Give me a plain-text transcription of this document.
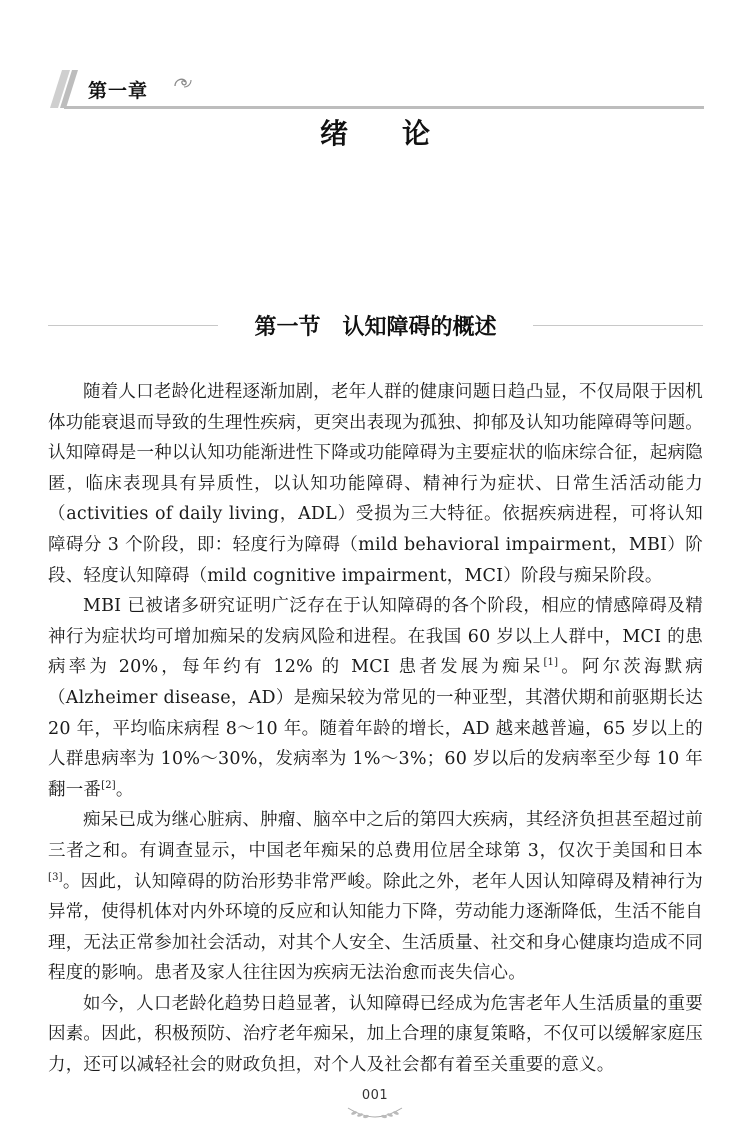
第一章
绪 论
第一节 认知障碍的概述

随着人口老龄化进程逐渐加剧，老年人群的健康问题日趋凸显，不仅局限于因机体功能衰退而导致的生理性疾病，更突出表现为孤独、抑郁及认知功能障碍等问题。认知障碍是一种以认知功能渐进性下降或功能障碍为主要症状的临床综合征，起病隐匿，临床表现具有异质性，以认知功能障碍、精神行为症状、日常生活活动能力（activities of daily living，ADL）受损为三大特征。依据疾病进程，可将认知障碍分 3 个阶段，即：轻度行为障碍（mild behavioral impairment，MBI）阶段、轻度认知障碍（mild cognitive impairment，MCI）阶段与痴呆阶段。

MBI 已被诸多研究证明广泛存在于认知障碍的各个阶段，相应的情感障碍及精神行为症状均可增加痴呆的发病风险和进程。在我国 60 岁以上人群中，MCI 的患病率为 20%，每年约有 12% 的 MCI 患者发展为痴呆[1]。阿尔茨海默病（Alzheimer disease，AD）是痴呆较为常见的一种亚型，其潜伏期和前驱期长达 20 年，平均临床病程 8～10 年。随着年龄的增长，AD 越来越普遍，65 岁以上的人群患病率为 10%～30%，发病率为 1%～3%；60 岁以后的发病率至少每 10 年翻一番[2]。

痴呆已成为继心脏病、肿瘤、脑卒中之后的第四大疾病，其经济负担甚至超过前三者之和。有调查显示，中国老年痴呆的总费用位居全球第 3，仅次于美国和日本[3]。因此，认知障碍的防治形势非常严峻。除此之外，老年人因认知障碍及精神行为异常，使得机体对内外环境的反应和认知能力下降，劳动能力逐渐降低，生活不能自理，无法正常参加社会活动，对其个人安全、生活质量、社交和身心健康均造成不同程度的影响。患者及家人往往因为疾病无法治愈而丧失信心。

如今，人口老龄化趋势日趋显著，认知障碍已经成为危害老年人生活质量的重要因素。因此，积极预防、治疗老年痴呆，加上合理的康复策略，不仅可以缓解家庭压力，还可以减轻社会的财政负担，对个人及社会都有着至关重要的意义。

001
